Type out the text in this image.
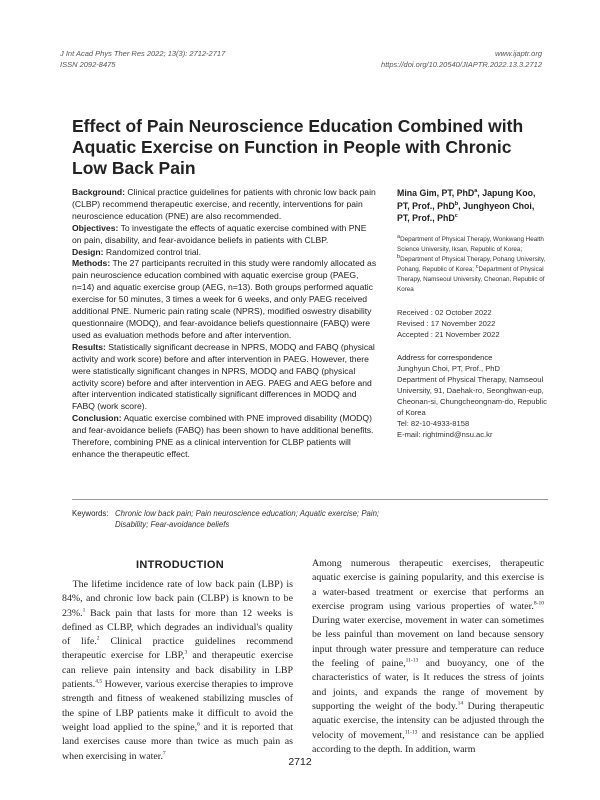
J Int Acad Phys Ther Res 2022; 13(3): 2712-2717
ISSN 2092-8475
www.ijaptr.org
https://doi.org/10.20540/JIAPTR.2022.13.3.2712
Effect of Pain Neuroscience Education Combined with Aquatic Exercise on Function in People with Chronic Low Back Pain

Background: Clinical practice guidelines for patients with chronic low back pain (CLBP) recommend therapeutic exercise, and recently, interventions for pain neuroscience education (PNE) are also recommended.

Objectives: To investigate the effects of aquatic exercise combined with PNE on pain, disability, and fear-avoidance beliefs in patients with CLBP.

Design: Randomized control trial.

Methods: The 27 participants recruited in this study were randomly allocated as pain neuroscience education combined with aquatic exercise group (PAEG, n=14) and aquatic exercise group (AEG, n=13). Both groups performed aquatic exercise for 50 minutes, 3 times a week for 6 weeks, and only PAEG received additional PNE. Numeric pain rating scale (NPRS), modified oswestry disability questionnaire (MODQ), and fear-avoidance beliefs questionnaire (FABQ) were used as evaluation methods before and after intervention.

Results: Statistically significant decrease in NPRS, MODQ and FABQ (physical activity and work score) before and after intervention in PAEG. However, there were statistically significant changes in NPRS, MODQ and FABQ (physical activity score) before and after intervention in AEG. PAEG and AEG before and after intervention indicated statistically significant differences in MODQ and FABQ (work score).

Conclusion: Aquatic exercise combined with PNE improved disability (MODQ) and fear-avoidance beliefs (FABQ) has been shown to have additional benefits. Therefore, combining PNE as a clinical intervention for CLBP patients will enhance the therapeutic effect.

Mina Gim, PT, PhD$^a$, Japung Koo, PT, Prof., PhD$^b$, Junghyeon Choi, PT, Prof., PhD$^c$
$^a$Department of Physical Therapy, Wonkwang Health Science University, Iksan, Republic of Korea; $^b$Department of Physical Therapy, Pohang University, Pohang, Republic of Korea; $^c$Department of Physical Therapy, Namseoul University, Cheonan, Republic of Korea
Received : 02 October 2022
Revised : 17 November 2022
Accepted : 21 November 2022
Address for correspondence
Junghyun Choi, PT, Prof., PhD
Department of Physical Therapy, Namseoul University, 91, Daehak-ro, Seonghwan-eup, Cheonan-si, Chungcheongnam-do, Republic of Korea
Tel: 82-10-4933-8158
E-mail: rightmind@nsu.ac.kr
Keywords: Chronic low back pain; Pain neuroscience education; Aquatic exercise; Pain; Disability; Fear-avoidance beliefs
INTRODUCTION
The lifetime incidence rate of low back pain (LBP) is 84%, and chronic low back pain (CLBP) is known to be 23%.$^1$ Back pain that lasts for more than 12 weeks is defined as CLBP, which degrades an individual's quality of life.$^2$ Clinical practice guidelines recommend therapeutic exercise for LBP,$^3$ and therapeutic exercise can relieve pain intensity and back disability in LBP patients.$^{4,5}$ However, various exercise therapies to improve strength and fitness of weakened stabilizing muscles of the spine of LBP patients make it difficult to avoid the weight load applied to the spine,$^6$ and it is reported that land exercises cause more than twice as much pain as when exercising in water.$^7$
Among numerous therapeutic exercises, therapeutic aquatic exercise is gaining popularity, and this exercise is a water-based treatment or exercise that performs an exercise program using various properties of water.$^{8-10}$ During water exercise, movement in water can sometimes be less painful than movement on land because sensory input through water pressure and temperature can reduce the feeling of paine,$^{11-13}$ and buoyancy, one of the characteristics of water, is It reduces the stress of joints and joints, and expands the range of movement by supporting the weight of the body.$^{14}$ During therapeutic aquatic exercise, the intensity can be adjusted through the velocity of movement,$^{11-13}$ and resistance can be applied according to the depth. In addition, warm
2712
